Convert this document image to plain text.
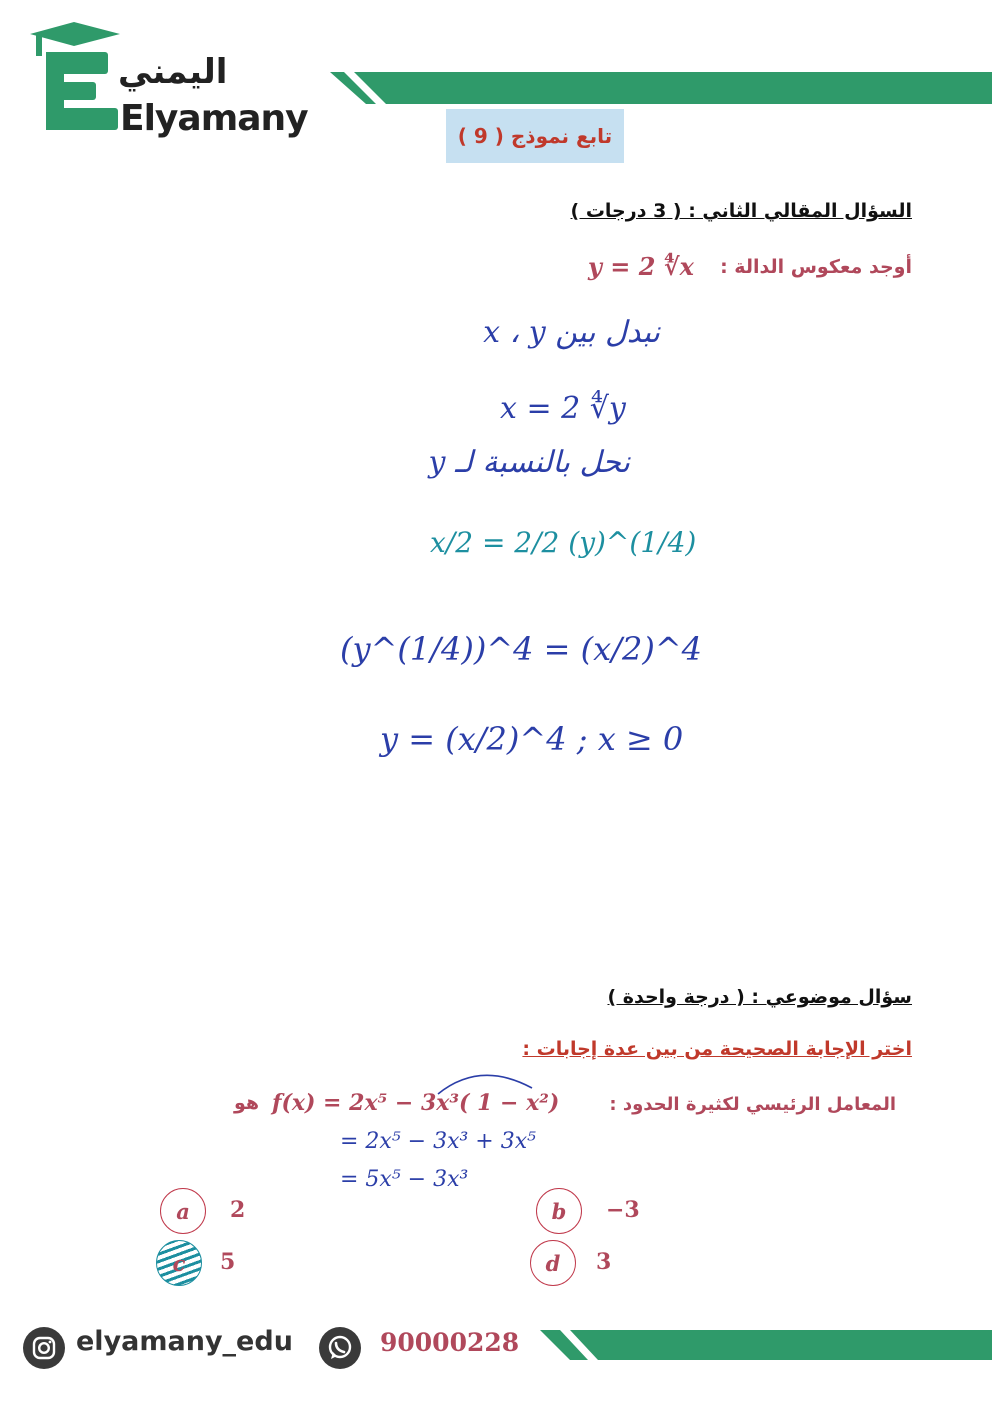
اليمني
Elyamany	تابع نموذج ( 9 )
السؤال المقالي الثاني : ( 3 درجات )
أوجد معكوس الدالة :
y = 2 ∜x
نبدل بين x ، y
x = 2 ∜y
نحل بالنسبة لـ y
x/2 = 2/2 (y)^(1/4)
(y^(1/4))^4 = (x/2)^4
y = (x/2)^4 ; x ≥ 0
سؤال موضوعي : ( درجة واحدة )
اختر الإجابة الصحيحة من بين عدة إجابات :
المعامل الرئيسي لكثيرة الحدود :
f(x) = 2x⁵ − 3x³( 1 − x²)
هو
= 2x⁵ − 3x³ + 3x⁵
= 5x⁵ − 3x³
a	2	b	−3
c	5	d	3
elyamany_edu	90000228
